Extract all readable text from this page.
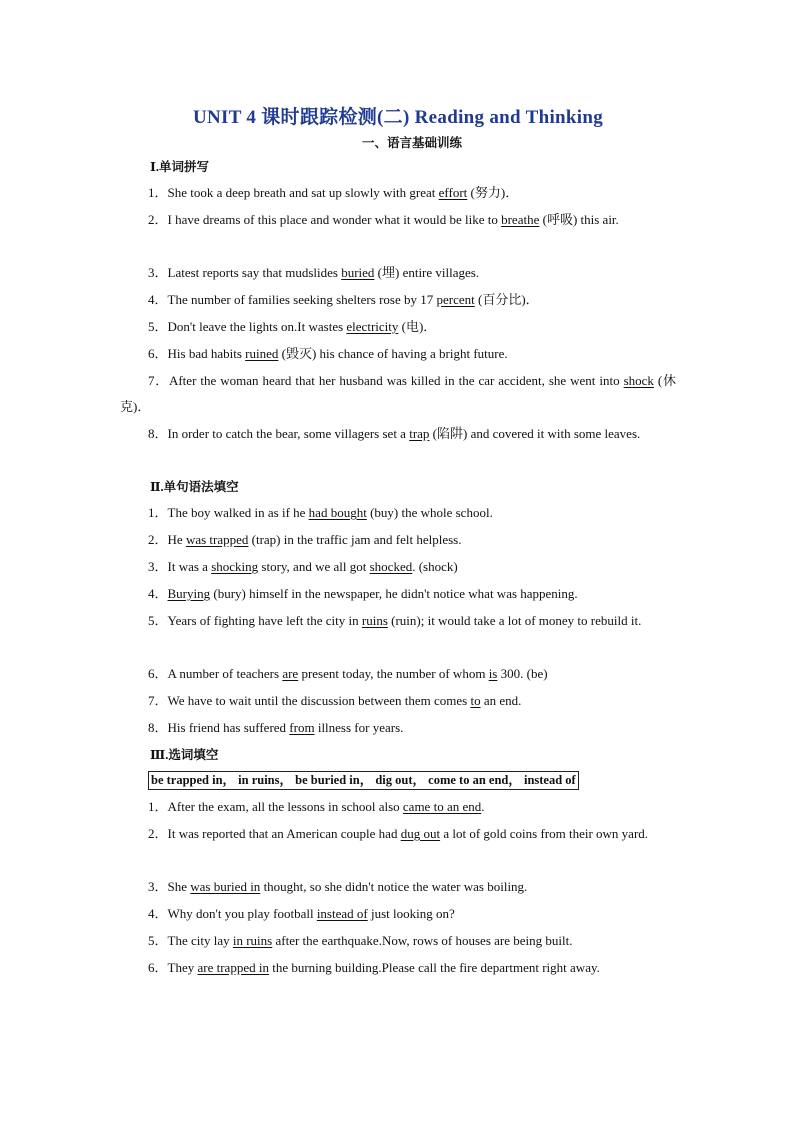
UNIT 4 课时跟踪检测(二) Reading and Thinking
一、语言基础训练
Ⅰ.单词拼写

1．She took a deep breath and sat up slowly with great effort (努力)．

2．I have dreams of this place and wonder what it would be like to breathe (呼吸) this air.

3．Latest reports say that mudslides buried (埋) entire villages.

4．The number of families seeking shelters rose by 17 percent (百分比)．

5．Don't leave the lights on.It wastes electricity (电)．

6．His bad habits ruined (毁灭) his chance of having a bright future.

7．After the woman heard that her husband was killed in the car accident, she went into shock (休克)．

8．In order to catch the bear, some villagers set a trap (陷阱) and covered it with some leaves.

Ⅱ.单句语法填空

1．The boy walked in as if he had bought (buy) the whole school.

2．He was trapped (trap) in the traffic jam and felt helpless.

3．It was a shocking story, and we all got shocked. (shock)

4．Burying (bury) himself in the newspaper, he didn't notice what was happening.

5．Years of fighting have left the city in ruins (ruin); it would take a lot of money to rebuild it.

6．A number of teachers are present today, the number of whom is 300. (be)

7．We have to wait until the discussion between them comes to an end.

8．His friend has suffered from illness for years.

Ⅲ.选词填空
be trapped in， in ruins， be buried in， dig out， come to an end， instead of

1．After the exam, all the lessons in school also came to an end.

2．It was reported that an American couple had dug out a lot of gold coins from their own yard.

3．She was buried in thought, so she didn't notice the water was boiling.

4．Why don't you play football instead of just looking on?

5．The city lay in ruins after the earthquake.Now, rows of houses are being built.

6．They are trapped in the burning building.Please call the fire department right away.
